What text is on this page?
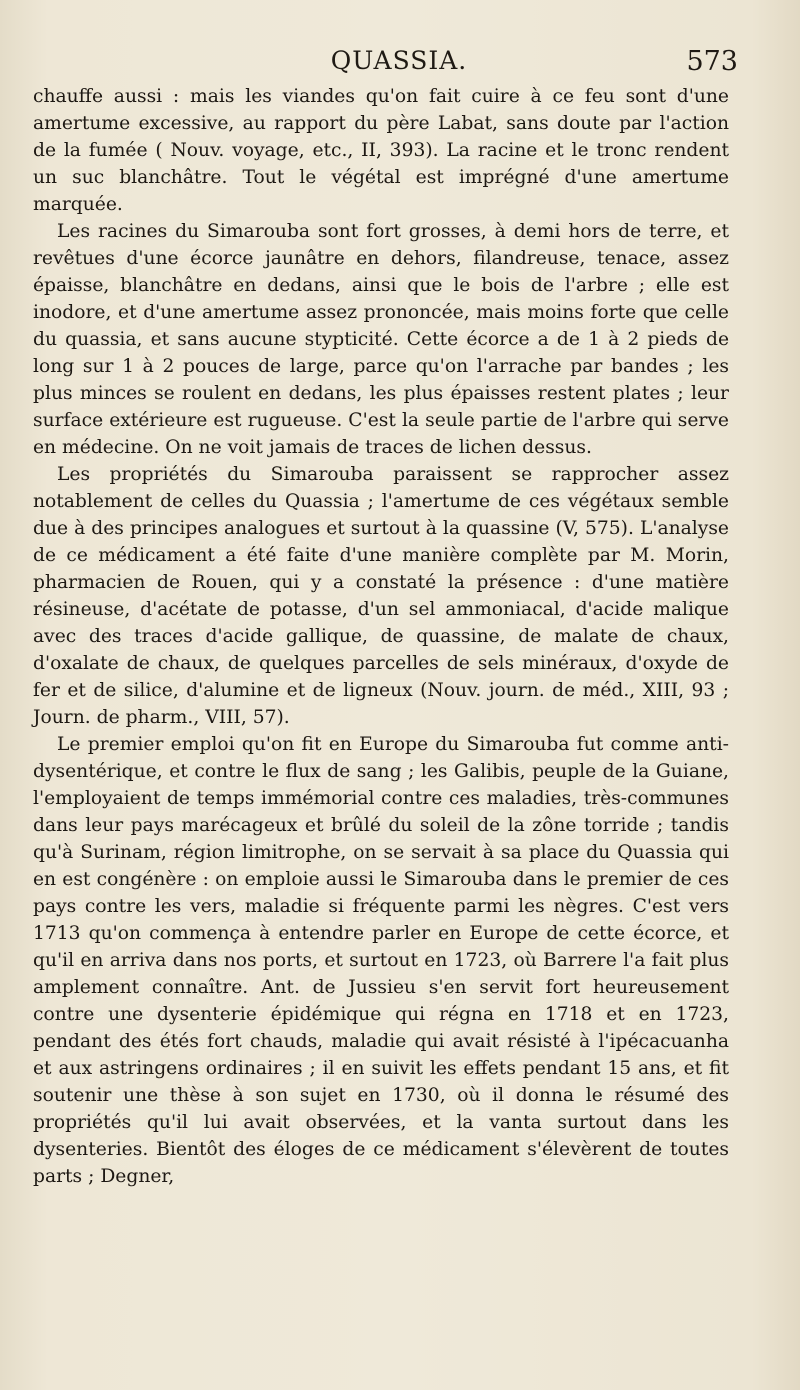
QUASSIA.	573

chauffe aussi : mais les viandes qu'on fait cuire à ce feu sont d'une amertume excessive, au rapport du père Labat, sans doute par l'action de la fumée ( Nouv. voyage, etc., II, 393). La racine et le tronc rendent un suc blanchâtre. Tout le végétal est imprégné d'une amertume marquée.

Les racines du Simarouba sont fort grosses, à demi hors de terre, et revêtues d'une écorce jaunâtre en dehors, filandreuse, tenace, assez épaisse, blanchâtre en dedans, ainsi que le bois de l'arbre ; elle est inodore, et d'une amertume assez prononcée, mais moins forte que celle du quassia, et sans aucune stypticité. Cette écorce a de 1 à 2 pieds de long sur 1 à 2 pouces de large, parce qu'on l'arrache par bandes ; les plus minces se roulent en dedans, les plus épaisses restent plates ; leur surface extérieure est rugueuse. C'est la seule partie de l'arbre qui serve en médecine. On ne voit jamais de traces de lichen dessus.

Les propriétés du Simarouba paraissent se rapprocher assez notablement de celles du Quassia ; l'amertume de ces végétaux semble due à des principes analogues et surtout à la quassine (V, 575). L'analyse de ce médicament a été faite d'une manière complète par M. Morin, pharmacien de Rouen, qui y a constaté la présence : d'une matière résineuse, d'acétate de potasse, d'un sel ammoniacal, d'acide malique avec des traces d'acide gallique, de quassine, de malate de chaux, d'oxalate de chaux, de quelques parcelles de sels minéraux, d'oxyde de fer et de silice, d'alumine et de ligneux (Nouv. journ. de méd., XIII, 93 ; Journ. de pharm., VIII, 57).

Le premier emploi qu'on fit en Europe du Simarouba fut comme anti-dysentérique, et contre le flux de sang ; les Galibis, peuple de la Guiane, l'employaient de temps immémorial contre ces maladies, très-communes dans leur pays marécageux et brûlé du soleil de la zône torride ; tandis qu'à Surinam, région limitrophe, on se servait à sa place du Quassia qui en est congénère : on emploie aussi le Simarouba dans le premier de ces pays contre les vers, maladie si fréquente parmi les nègres. C'est vers 1713 qu'on commença à entendre parler en Europe de cette écorce, et qu'il en arriva dans nos ports, et surtout en 1723, où Barrere l'a fait plus amplement connaître. Ant. de Jussieu s'en servit fort heureusement contre une dysenterie épidémique qui régna en 1718 et en 1723, pendant des étés fort chauds, maladie qui avait résisté à l'ipécacuanha et aux astringens ordinaires ; il en suivit les effets pendant 15 ans, et fit soutenir une thèse à son sujet en 1730, où il donna le résumé des propriétés qu'il lui avait observées, et la vanta surtout dans les dysenteries. Bientôt des éloges de ce médicament s'élevèrent de toutes parts ; Degner,
